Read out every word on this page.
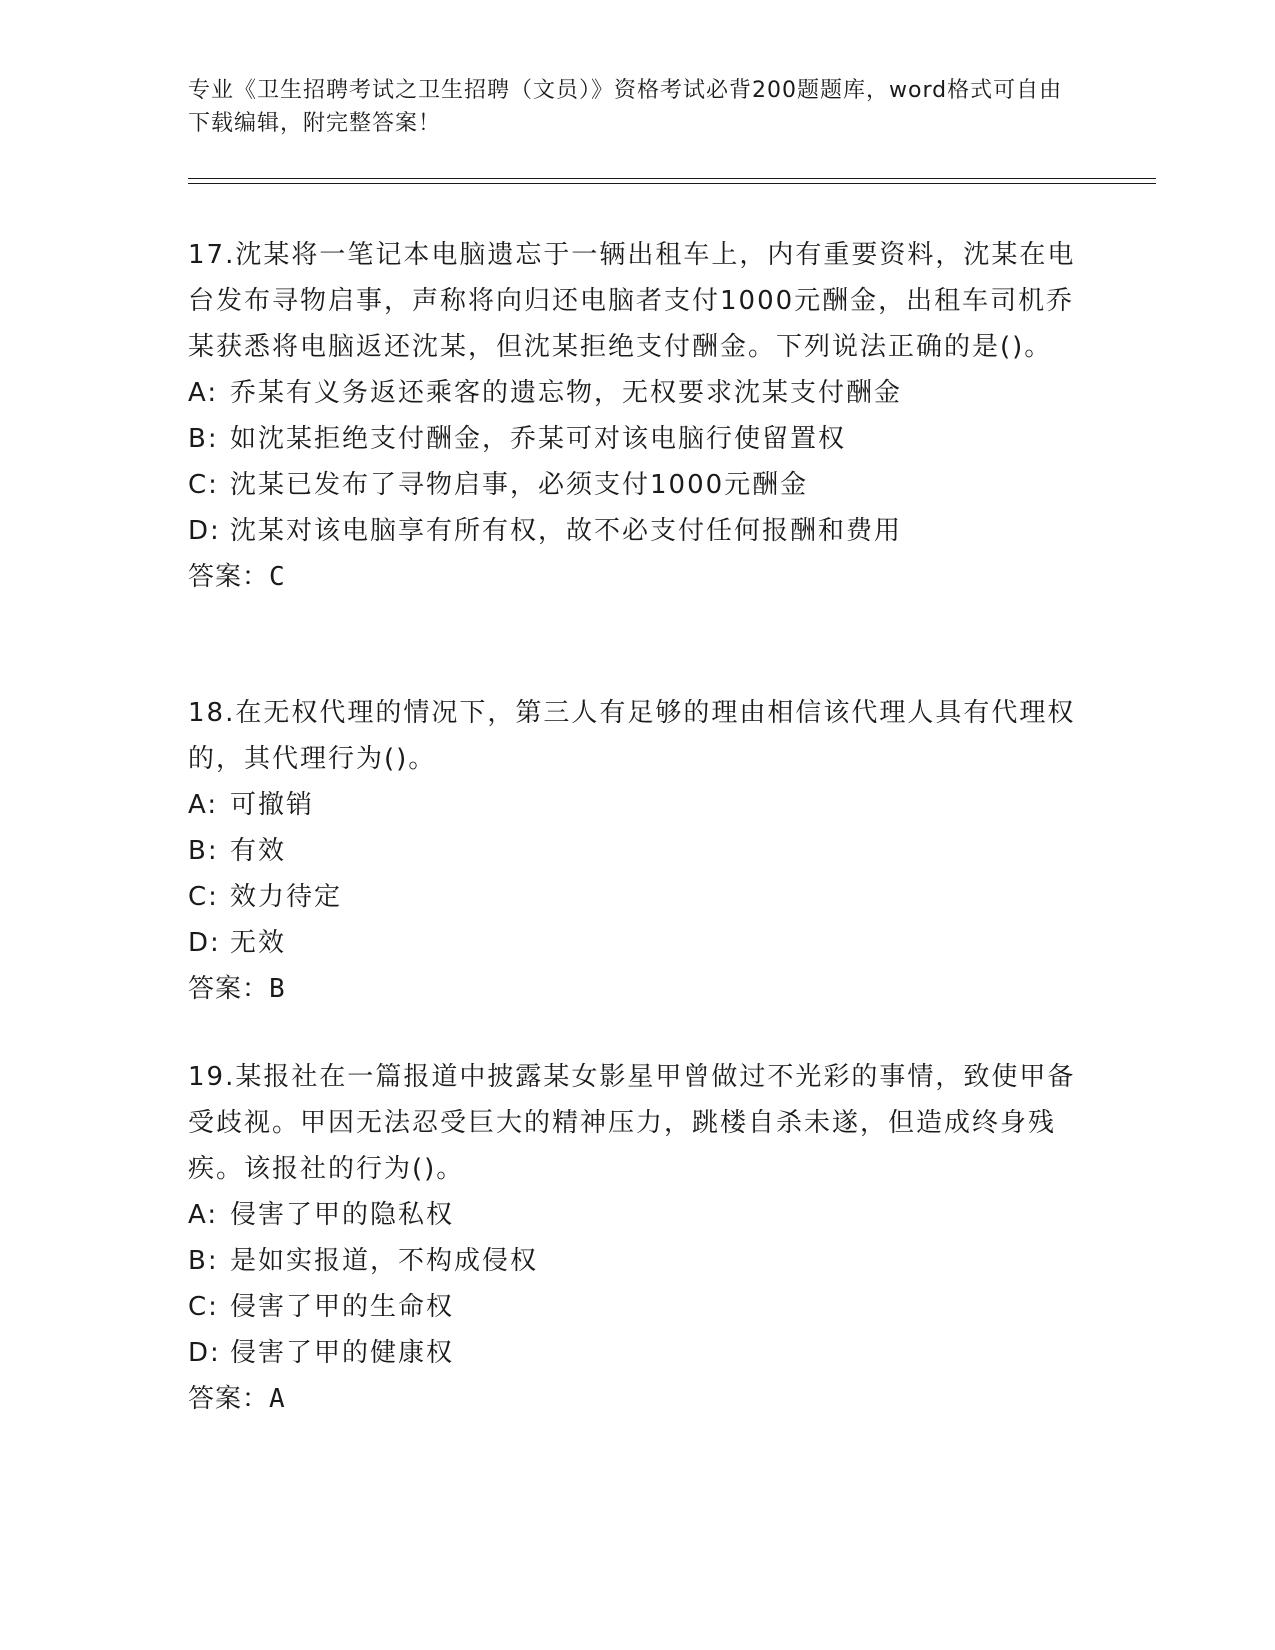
专业《卫生招聘考试之卫生招聘（文员）》资格考试必背200题题库，word格式可自由下载编辑，附完整答案！
17.沈某将一笔记本电脑遗忘于一辆出租车上，内有重要资料，沈某在电台发布寻物启事，声称将向归还电脑者支付1000元酬金，出租车司机乔某获悉将电脑返还沈某，但沈某拒绝支付酬金。下列说法正确的是()。
A: 乔某有义务返还乘客的遗忘物，无权要求沈某支付酬金
B: 如沈某拒绝支付酬金，乔某可对该电脑行使留置权
C: 沈某已发布了寻物启事，必须支付1000元酬金
D: 沈某对该电脑享有所有权，故不必支付任何报酬和费用
答案：C
18.在无权代理的情况下，第三人有足够的理由相信该代理人具有代理权的，其代理行为()。
A: 可撤销
B: 有效
C: 效力待定
D: 无效
答案：B
19.某报社在一篇报道中披露某女影星甲曾做过不光彩的事情，致使甲备受歧视。甲因无法忍受巨大的精神压力，跳楼自杀未遂，但造成终身残疾。该报社的行为()。
A: 侵害了甲的隐私权
B: 是如实报道，不构成侵权
C: 侵害了甲的生命权
D: 侵害了甲的健康权
答案：A
